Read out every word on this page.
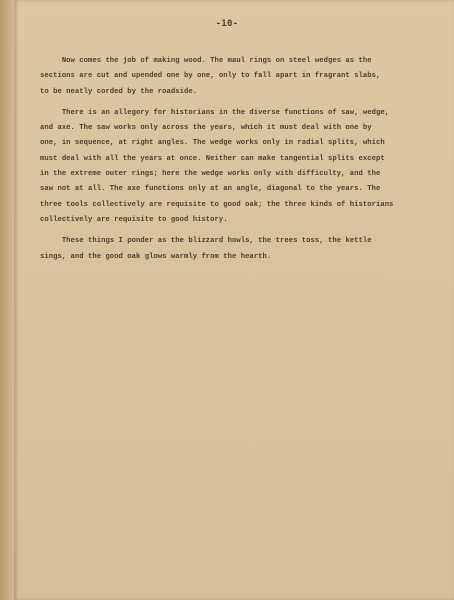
-10-
Now comes the job of making wood. The maul rings on steel wedges as the
sections are cut and upended one by one, only to fall apart in fragrant slabs,
to be neatly corded by the roadside.
There is an allegory for historians in the diverse functions of saw, wedge,
and axe. The saw works only across the years, which it must deal with one by
one, in sequence, at right angles. The wedge works only in radial splits, which
must deal with all the years at once. Neither can make tangential splits except
in the extreme outer rings; here the wedge works only with difficulty, and the
saw not at all. The axe functions only at an angle, diagonal to the years. The
three tools collectively are requisite to good oak; the three kinds of historians
collectively are requisite to good history.
These things I ponder as the blizzard howls, the trees toss, the kettle
sings, and the good oak glows warmly from the hearth.
